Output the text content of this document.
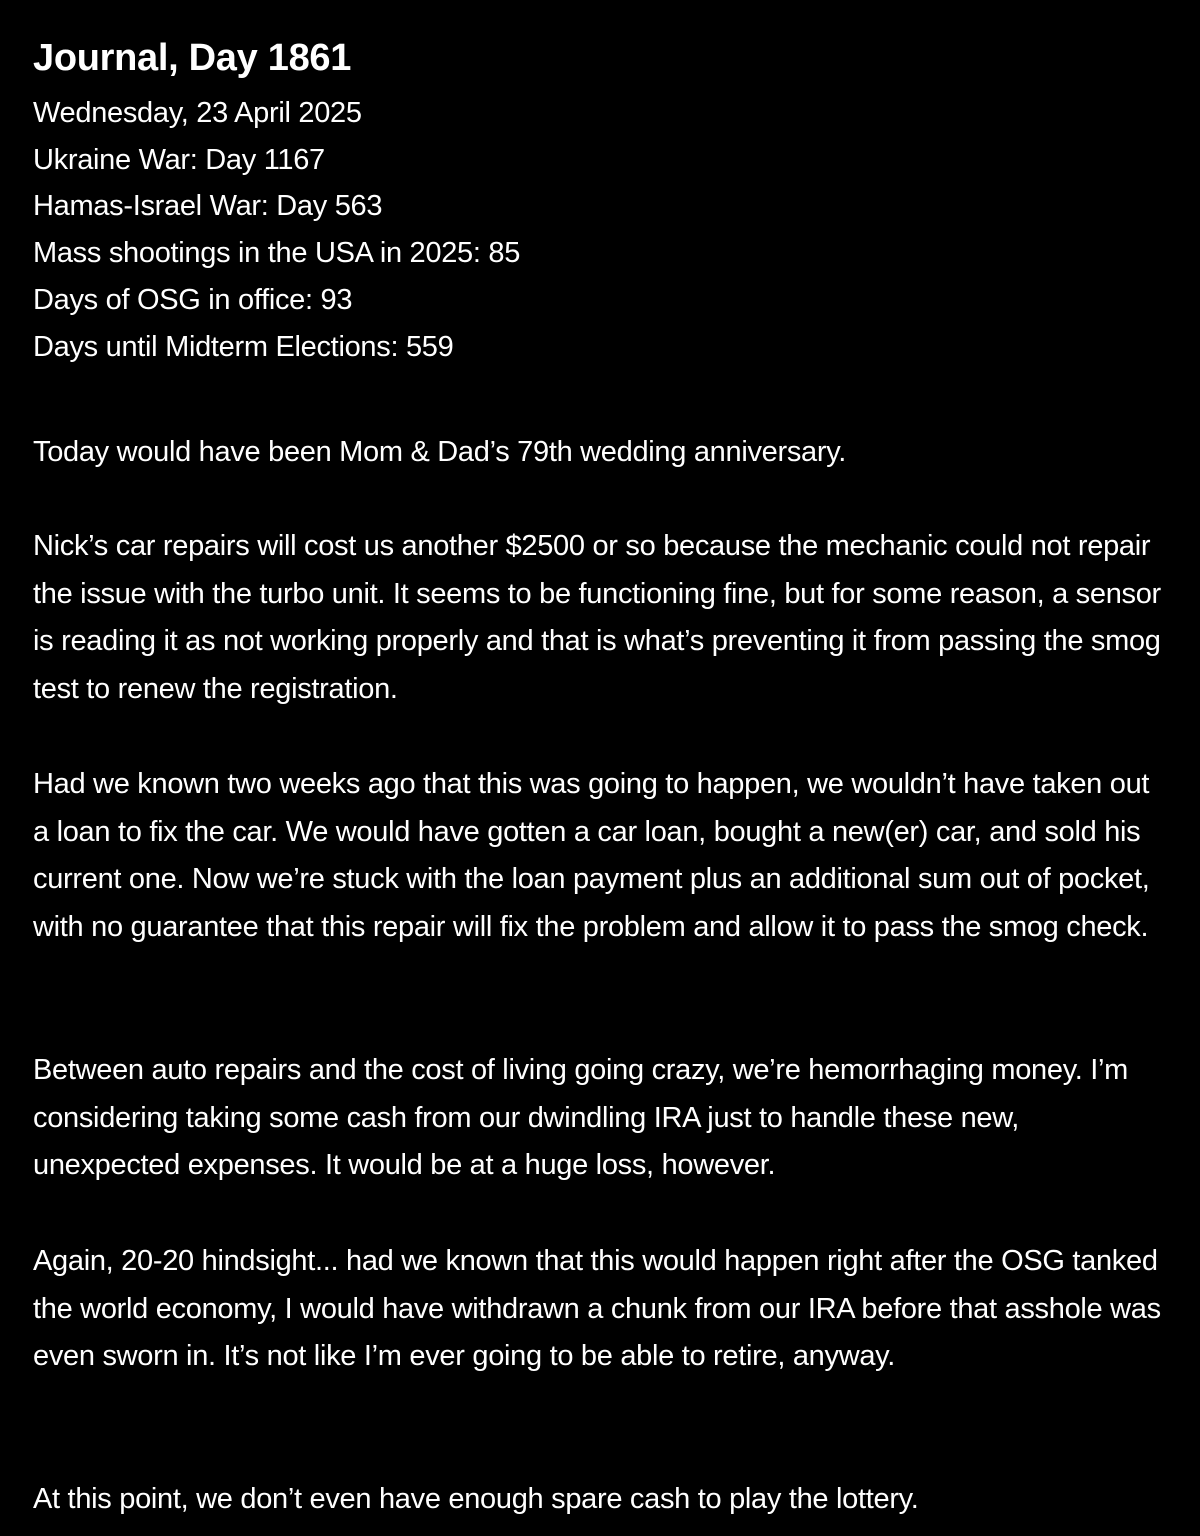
Journal, Day 1861
Wednesday, 23 April 2025
Ukraine War: Day 1167
Hamas-Israel War: Day 563
Mass shootings in the USA in 2025: 85
Days of OSG in office: 93
Days until Midterm Elections: 559

Today would have been Mom & Dad’s 79th wedding anniversary.

Nick’s car repairs will cost us another $2500 or so because the mechanic could not repair the issue with the turbo unit. It seems to be functioning fine, but for some reason, a sensor is reading it as not working properly and that is what’s preventing it from passing the smog test to renew the registration.

Had we known two weeks ago that this was going to happen, we wouldn’t have taken out a loan to fix the car. We would have gotten a car loan, bought a new(er) car, and sold his current one. Now we’re stuck with the loan payment plus an additional sum out of pocket, with no guarantee that this repair will fix the problem and allow it to pass the smog check.

Between auto repairs and the cost of living going crazy, we’re hemorrhaging money. I’m considering taking some cash from our dwindling IRA just to handle these new, unexpected expenses. It would be at a huge loss, however.

Again, 20-20 hindsight... had we known that this would happen right after the OSG tanked the world economy, I would have withdrawn a chunk from our IRA before that asshole was even sworn in. It’s not like I’m ever going to be able to retire, anyway.

At this point, we don’t even have enough spare cash to play the lottery.
